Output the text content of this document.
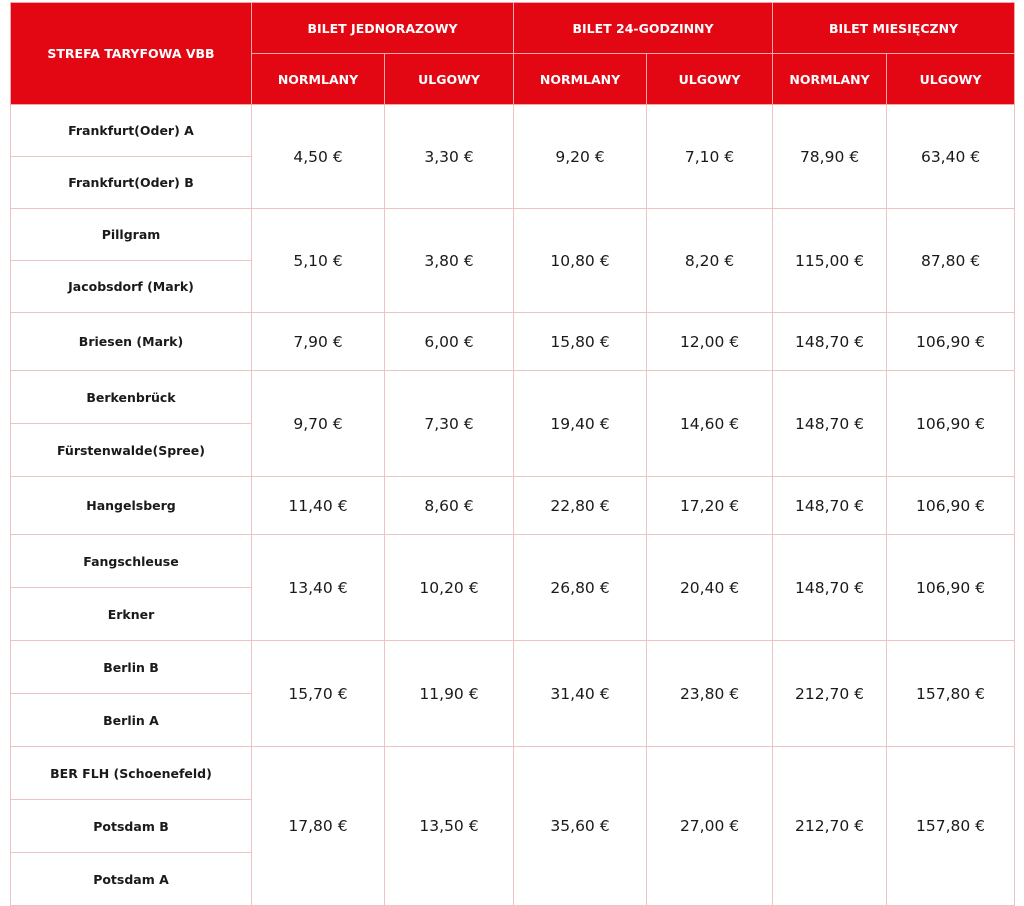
STREFA TARYFOWA VBB	BILET JEDNORAZOWY		BILET 24-GODZINNY		BILET MIESIĘCZNY	
	NORMLANY	ULGOWY	NORMLANY	ULGOWY	NORMLANY	ULGOWY
Frankfurt(Oder) A	4,50 €	3,30 €	9,20 €	7,10 €	78,90 €	63,40 €
Frankfurt(Oder) B						
Pillgram	5,10 €	3,80 €	10,80 €	8,20 €	115,00 €	87,80 €
Jacobsdorf (Mark)						
Briesen (Mark)	7,90 €	6,00 €	15,80 €	12,00 €	148,70 €	106,90 €
Berkenbrück	9,70 €	7,30 €	19,40 €	14,60 €	148,70 €	106,90 €
Fürstenwalde(Spree)						
Hangelsberg	11,40 €	8,60 €	22,80 €	17,20 €	148,70 €	106,90 €
Fangschleuse	13,40 €	10,20 €	26,80 €	20,40 €	148,70 €	106,90 €
Erkner						
Berlin B	15,70 €	11,90 €	31,40 €	23,80 €	212,70 €	157,80 €
Berlin A						
BER FLH (Schoenefeld)	17,80 €	13,50 €	35,60 €	27,00 €	212,70 €	157,80 €
Potsdam B						
Potsdam A						
